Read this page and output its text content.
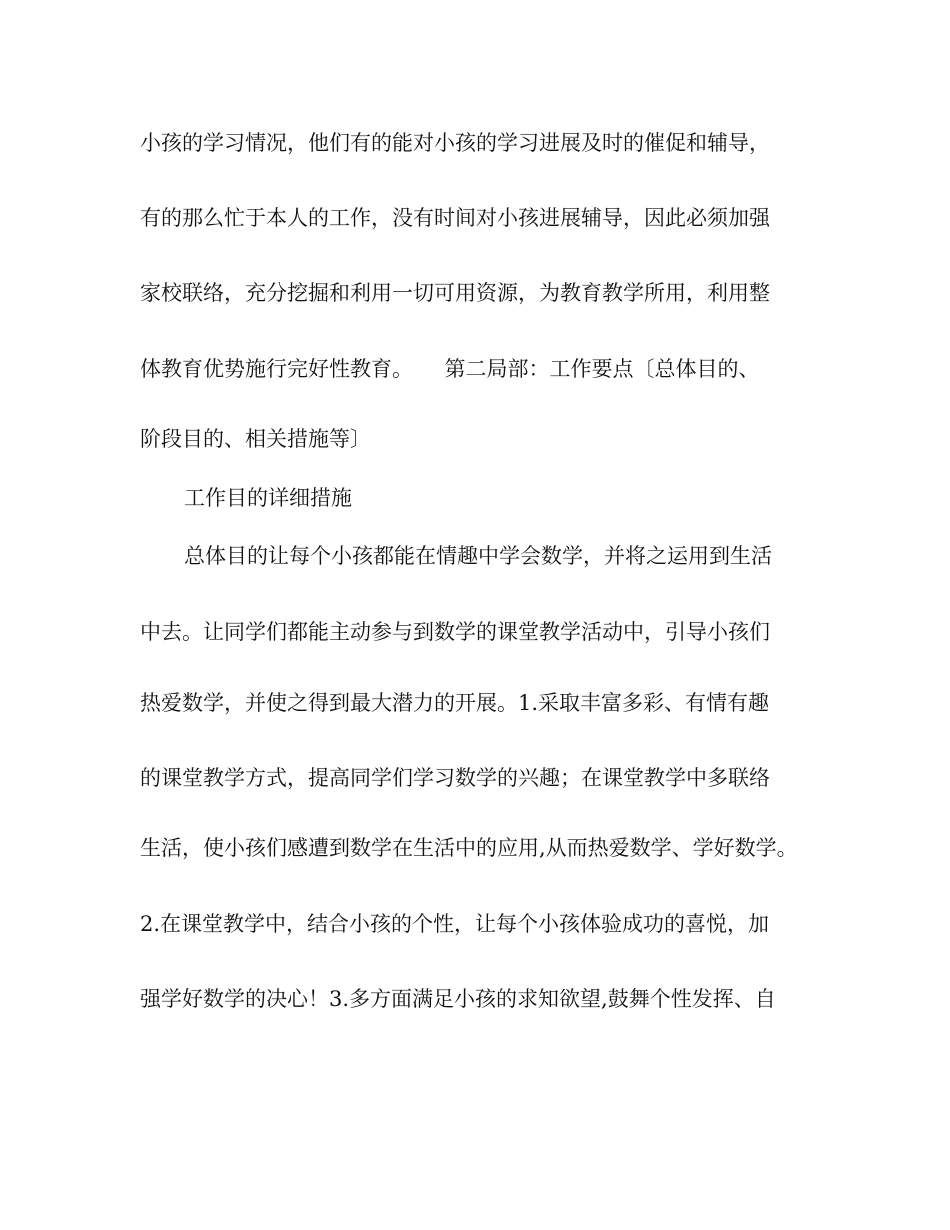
小孩的学习情况，他们有的能对小孩的学习进展及时的催促和辅导，
有的那么忙于本人的工作，没有时间对小孩进展辅导，因此必须加强
家校联络，充分挖掘和利用一切可用资源，为教育教学所用，利用整
体教育优势施行完好性教育。　　第二局部：工作要点〔总体目的、
阶段目的、相关措施等〕
工作目的详细措施
总体目的让每个小孩都能在情趣中学会数学，并将之运用到生活
中去。让同学们都能主动参与到数学的课堂教学活动中，引导小孩们
热爱数学，并使之得到最大潜力的开展。1.采取丰富多彩、有情有趣
的课堂教学方式，提高同学们学习数学的兴趣；在课堂教学中多联络
生活，使小孩们感遭到数学在生活中的应用,从而热爱数学、学好数学。
2.在课堂教学中，结合小孩的个性，让每个小孩体验成功的喜悦，加
强学好数学的决心！3.多方面满足小孩的求知欲望,鼓舞个性发挥、自
